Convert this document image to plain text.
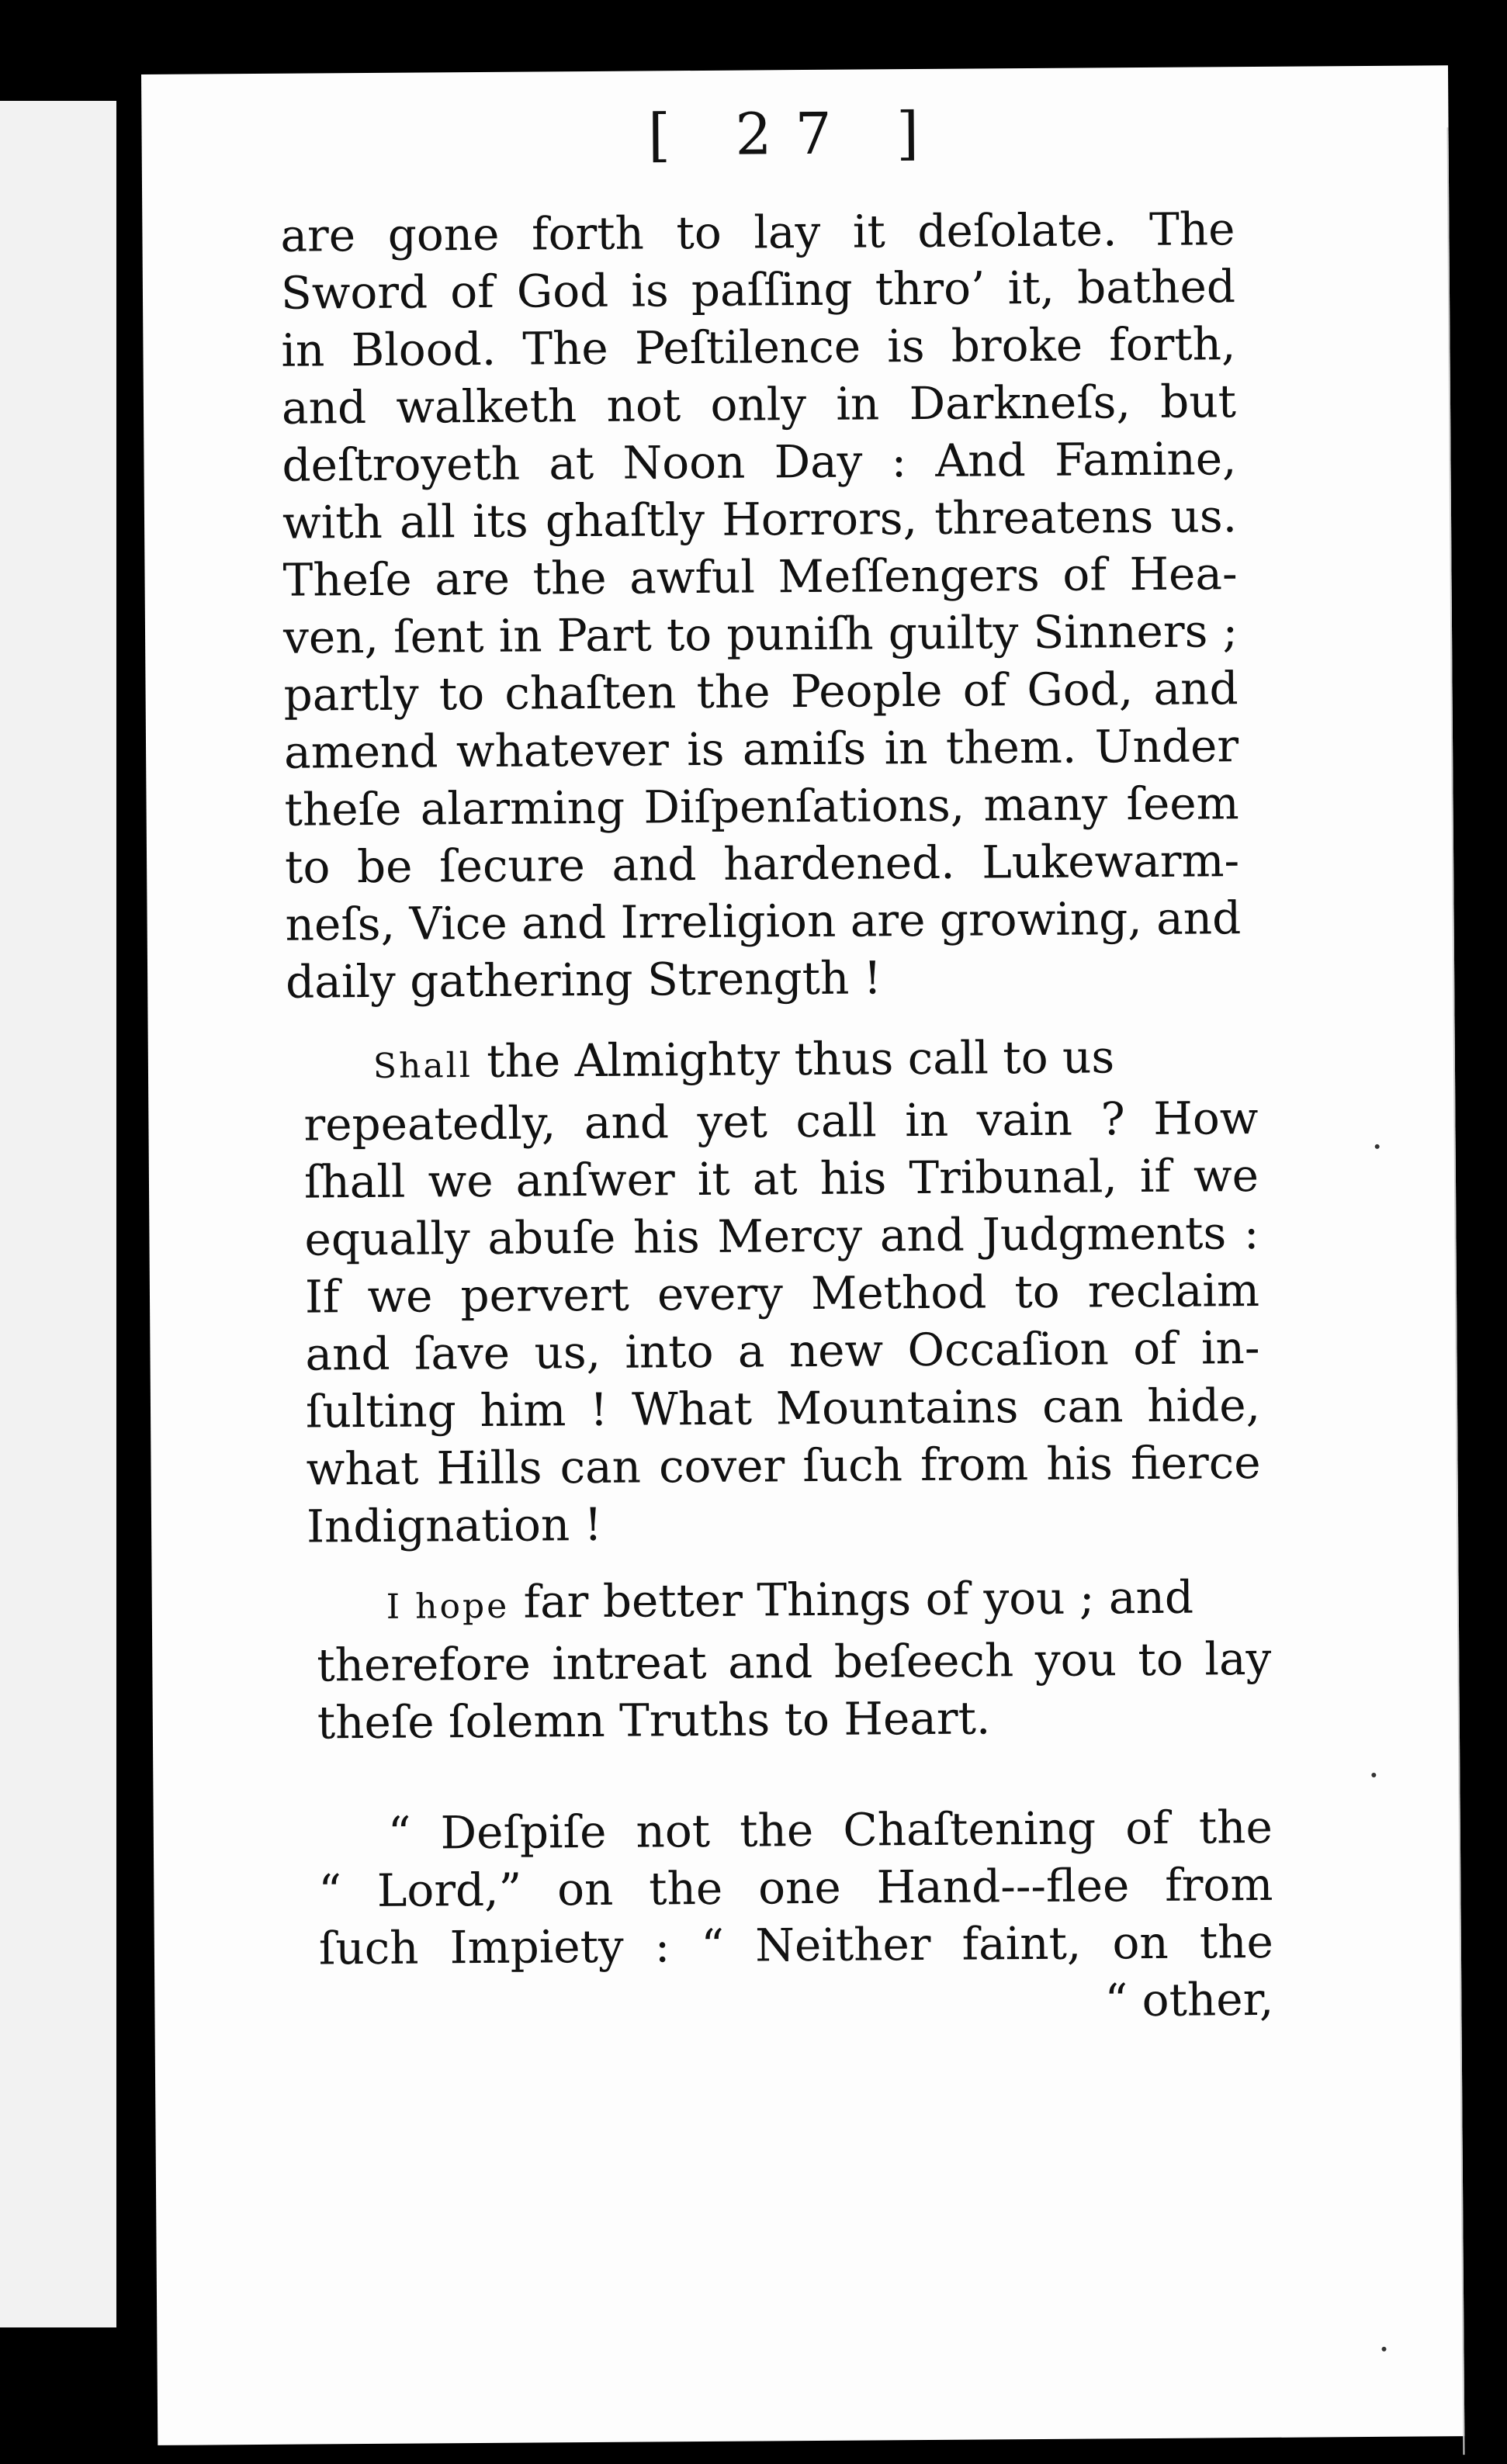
[ 27 ]
are gone forth to lay it deſolate. The
Sword of God is paſſing thro’ it, bathed
in Blood. The Peſtilence is broke forth,
and walketh not only in Darkneſs, but
deſtroyeth at Noon Day : And Famine,
with all its ghaſtly Horrors, threatens us.
Theſe are the awful Meſſengers of Hea-
ven, ſent in Part to puniſh guilty Sinners ;
partly to chaſten the People of God, and
amend whatever is amiſs in them. Under
theſe alarming Diſpenſations, many ſeem
to be ſecure and hardened. Lukewarm-
neſs, Vice and Irreligion are growing, and
daily gathering Strength !
Shall the Almighty thus call to us
repeatedly, and yet call in vain ? How
ſhall we anſwer it at his Tribunal, if we
equally abuſe his Mercy and Judgments :
If we pervert every Method to reclaim
and ſave us, into a new Occaſion of in-
ſulting him ! What Mountains can hide,
what Hills can cover ſuch from his fierce
Indignation !
I hope far better Things of you ; and
therefore intreat and beſeech you to lay
theſe ſolemn Truths to Heart.
“ Deſpiſe not the Chaſtening of the
“ Lord,” on the one Hand---flee from
ſuch Impiety : “ Neither faint, on the
“ other,
